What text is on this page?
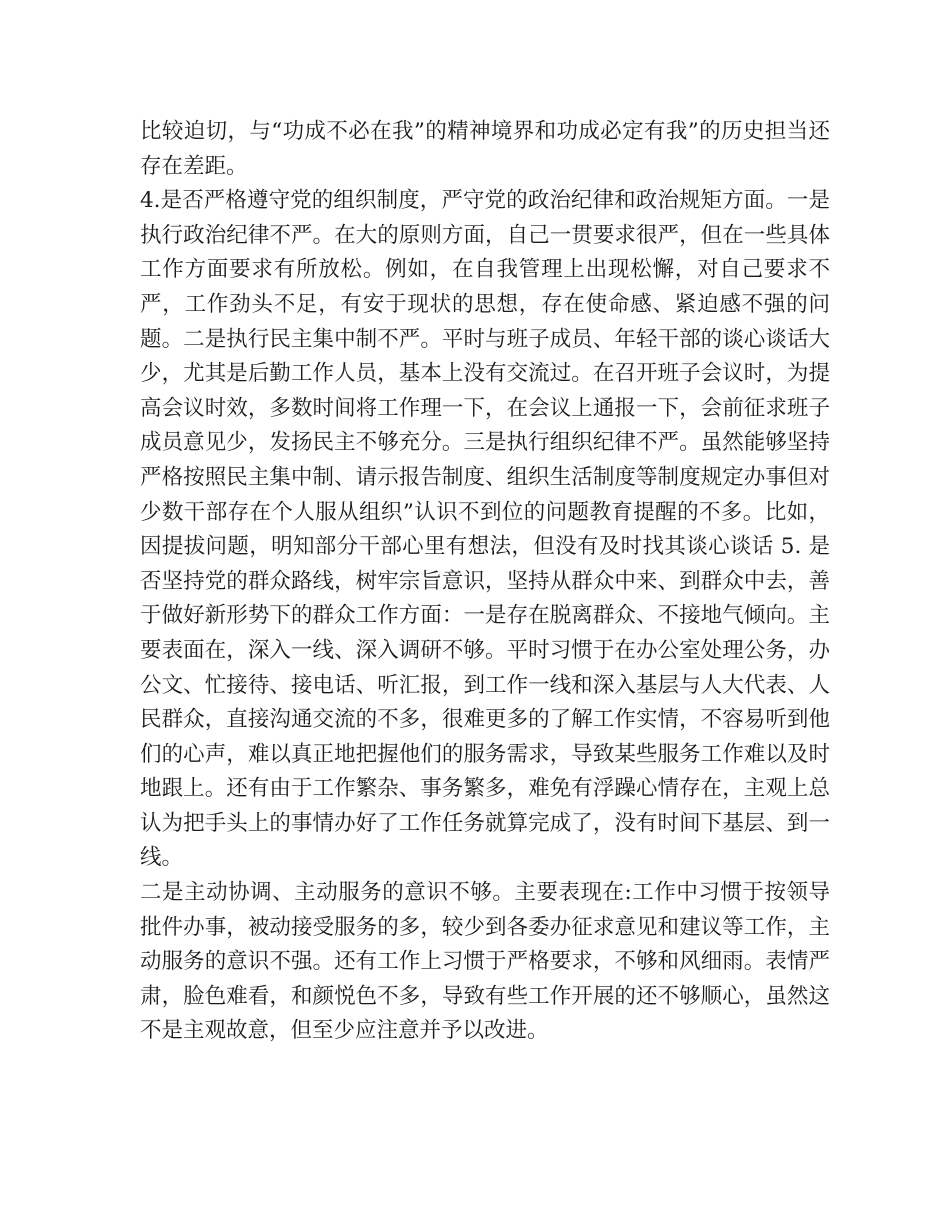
比较迫切，与“功成不必在我”的精神境界和功成必定有我”的历史担当还存在差距。

4.是否严格遵守党的组织制度，严守党的政治纪律和政治规矩方面。一是执行政治纪律不严。在大的原则方面，自己一贯要求很严，但在一些具体工作方面要求有所放松。例如，在自我管理上出现松懈，对自己要求不严，工作劲头不足，有安于现状的思想，存在使命感、紧迫感不强的问题。二是执行民主集中制不严。平时与班子成员、年轻干部的谈心谈话大少，尤其是后勤工作人员，基本上没有交流过。在召开班子会议时，为提高会议时效，多数时间将工作理一下，在会议上通报一下，会前征求班子成员意见少，发扬民主不够充分。三是执行组织纪律不严。虽然能够坚持严格按照民主集中制、请示报告制度、组织生活制度等制度规定办事但对少数干部存在个人服从组织”认识不到位的问题教育提醒的不多。比如，因提拔问题，明知部分干部心里有想法，但没有及时找其谈心谈话 5. 是否坚持党的群众路线，树牢宗旨意识，坚持从群众中来、到群众中去，善于做好新形势下的群众工作方面：一是存在脱离群众、不接地气倾向。主要表面在，深入一线、深入调研不够。平时习惯于在办公室处理公务，办公文、忙接待、接电话、听汇报，到工作一线和深入基层与人大代表、人民群众，直接沟通交流的不多，很难更多的了解工作实情，不容易听到他们的心声，难以真正地把握他们的服务需求，导致某些服务工作难以及时地跟上。还有由于工作繁杂、事务繁多，难免有浮躁心情存在，主观上总认为把手头上的事情办好了工作任务就算完成了，没有时间下基层、到一线。

二是主动协调、主动服务的意识不够。主要表现在:工作中习惯于按领导批件办事，被动接受服务的多，较少到各委办征求意见和建议等工作，主动服务的意识不强。还有工作上习惯于严格要求，不够和风细雨。表情严肃，脸色难看，和颜悦色不多，导致有些工作开展的还不够顺心，虽然这不是主观故意，但至少应注意并予以改进。
